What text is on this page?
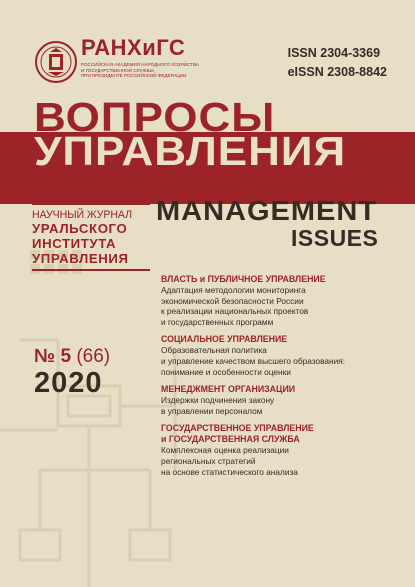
РАНХиГС
РОССИЙСКАЯ АКАДЕМИЯ НАРОДНОГО ХОЗЯЙСТВА
И ГОСУДАРСТВЕННОЙ СЛУЖБЫ
ПРИ ПРЕЗИДЕНТЕ РОССИЙСКОЙ ФЕДЕРАЦИИ
ISSN 2304-3369
eISSN 2308-8842
ВОПРОСЫ
УПРАВЛЕНИЯ
НАУЧНЫЙ ЖУРНАЛ
УРАЛЬСКОГО
ИНСТИТУТА
УПРАВЛЕНИЯ
MANAGEMENT
ISSUES
№ 5 (66)
2020
ВЛАСТЬ и ПУБЛИЧНОЕ УПРАВЛЕНИЕ
Адаптация методологии мониторинга
экономической безопасности России
к реализации национальных проектов
и государственных программ
СОЦИАЛЬНОЕ УПРАВЛЕНИЕ
Образовательная политика
и управление качеством высшего образования:
понимание и особенности оценки
МЕНЕДЖМЕНТ ОРГАНИЗАЦИИ
Издержки подчинения закону
в управлении персоналом
ГОСУДАРСТВЕННОЕ УПРАВЛЕНИЕ
и ГОСУДАРСТВЕННАЯ СЛУЖБА
Комплексная оценка реализации
региональных стратегий
на основе статистического анализа
